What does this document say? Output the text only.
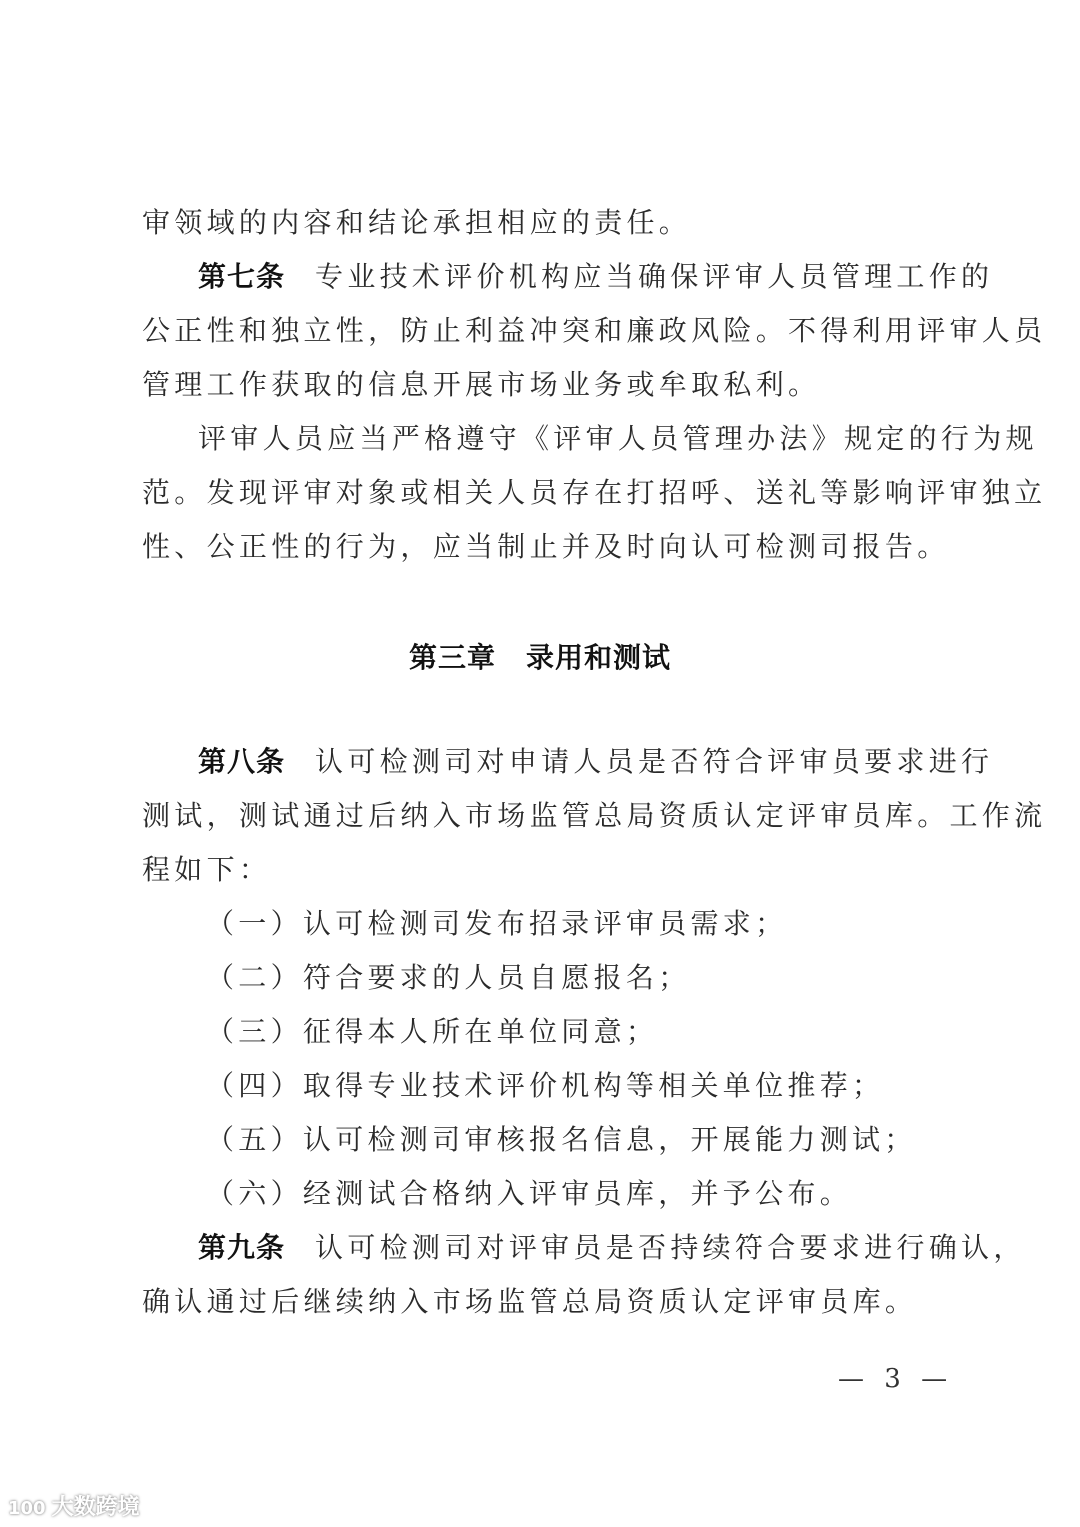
审领域的内容和结论承担相应的责任。
第七条 专业技术评价机构应当确保评审人员管理工作的
公正性和独立性，防止利益冲突和廉政风险。不得利用评审人员
管理工作获取的信息开展市场业务或牟取私利。
评审人员应当严格遵守《评审人员管理办法》规定的行为规
范。发现评审对象或相关人员存在打招呼、送礼等影响评审独立
性、公正性的行为，应当制止并及时向认可检测司报告。
第三章 录用和测试
第八条 认可检测司对申请人员是否符合评审员要求进行
测试，测试通过后纳入市场监管总局资质认定评审员库。工作流
程如下：
（一）认可检测司发布招录评审员需求；
（二）符合要求的人员自愿报名；
（三）征得本人所在单位同意；
（四）取得专业技术评价机构等相关单位推荐；
（五）认可检测司审核报名信息，开展能力测试；
（六）经测试合格纳入评审员库，并予公布。
第九条 认可检测司对评审员是否持续符合要求进行确认，
确认通过后继续纳入市场监管总局资质认定评审员库。
— 3 —
100 大数跨境
